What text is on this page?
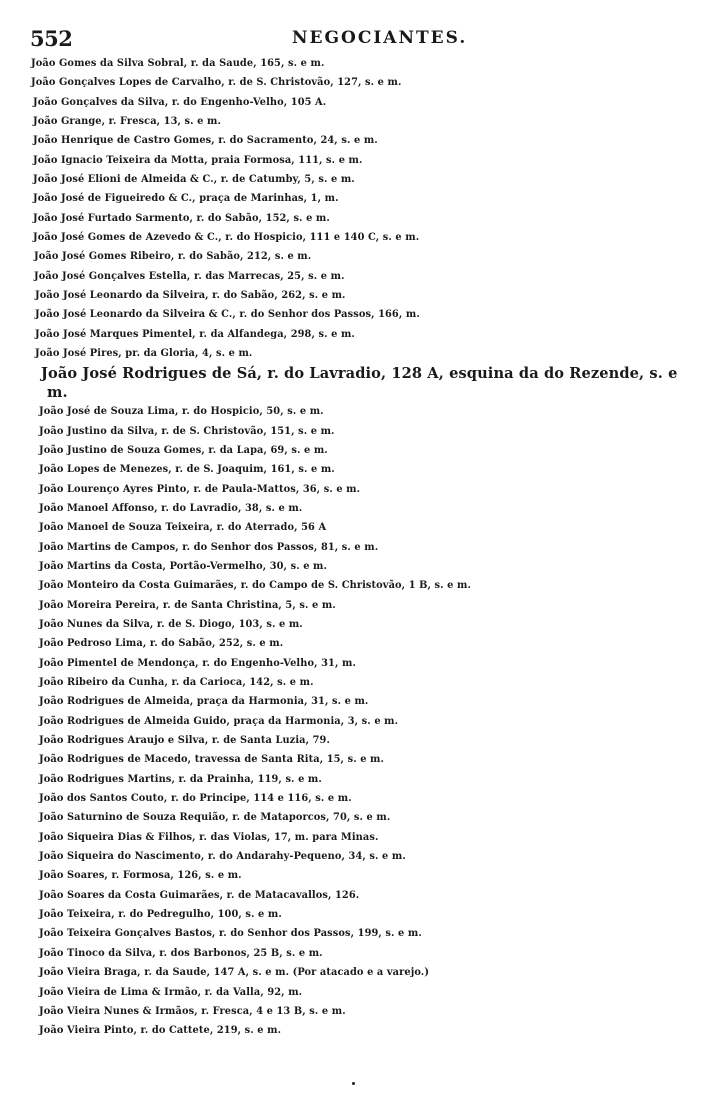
552	NEGOCIANTES.
João Gomes da Silva Sobral, r. da Saude, 165, s. e m.
João Gonçalves Lopes de Carvalho, r. de S. Christovão, 127, s. e m.
João Gonçalves da Silva, r. do Engenho-Velho, 105 A.
João Grange, r. Fresca, 13, s. e m.
João Henrique de Castro Gomes, r. do Sacramento, 24, s. e m.
João Ignacio Teixeira da Motta, praia Formosa, 111, s. e m.
João José Elioni de Almeida & C., r. de Catumby, 5, s. e m.
João José de Figueiredo & C., praça de Marinhas, 1, m.
João José Furtado Sarmento, r. do Sabão, 152, s. e m.
João José Gomes de Azevedo & C., r. do Hospicio, 111 e 140 C, s. e m.
João José Gomes Ribeiro, r. do Sabão, 212, s. e m.
João José Gonçalves Estella, r. das Marrecas, 25, s. e m.
João José Leonardo da Silveira, r. do Sabão, 262, s. e m.
João José Leonardo da Silveira & C., r. do Senhor dos Passos, 166, m.
João José Marques Pimentel, r. da Alfandega, 298, s. e m.
João José Pires, pr. da Gloria, 4, s. e m.
João José Rodrigues de Sá, r. do Lavradio, 128 A, esquina da do Rezende, s. e m.
João José de Souza Lima, r. do Hospicio, 50, s. e m.
João Justino da Silva, r. de S. Christovão, 151, s. e m.
João Justino de Souza Gomes, r. da Lapa, 69, s. e m.
João Lopes de Menezes, r. de S. Joaquim, 161, s. e m.
João Lourenço Ayres Pinto, r. de Paula-Mattos, 36, s. e m.
João Manoel Affonso, r. do Lavradio, 38, s. e m.
João Manoel de Souza Teixeira, r. do Aterrado, 56 A
João Martins de Campos, r. do Senhor dos Passos, 81, s. e m.
João Martins da Costa, Portão-Vermelho, 30, s. e m.
João Monteiro da Costa Guimarães, r. do Campo de S. Christovão, 1 B, s. e m.
João Moreira Pereira, r. de Santa Christina, 5, s. e m.
João Nunes da Silva, r. de S. Diogo, 103, s. e m.
João Pedroso Lima, r. do Sabão, 252, s. e m.
João Pimentel de Mendonça, r. do Engenho-Velho, 31, m.
João Ribeiro da Cunha, r. da Carioca, 142, s. e m.
João Rodrigues de Almeida, praça da Harmonia, 31, s. e m.
João Rodrigues de Almeida Guido, praça da Harmonia, 3, s. e m.
João Rodrigues Araujo e Silva, r. de Santa Luzia, 79.
João Rodrigues de Macedo, travessa de Santa Rita, 15, s. e m.
João Rodrigues Martins, r. da Prainha, 119, s. e m.
João dos Santos Couto, r. do Principe, 114 e 116, s. e m.
João Saturnino de Souza Requião, r. de Mataporcos, 70, s. e m.
João Siqueira Dias & Filhos, r. das Violas, 17, m. para Minas.
João Siqueira do Nascimento, r. do Andarahy-Pequeno, 34, s. e m.
João Soares, r. Formosa, 126, s. e m.
João Soares da Costa Guimarães, r. de Matacavallos, 126.
João Teixeira, r. do Pedregulho, 100, s. e m.
João Teixeira Gonçalves Bastos, r. do Senhor dos Passos, 199, s. e m.
João Tinoco da Silva, r. dos Barbonos, 25 B, s. e m.
João Vieira Braga, r. da Saude, 147 A, s. e m. (Por atacado e a varejo.)
João Vieira de Lima & Irmão, r. da Valla, 92, m.
João Vieira Nunes & Irmãos, r. Fresca, 4 e 13 B, s. e m.
João Vieira Pinto, r. do Cattete, 219, s. e m.
